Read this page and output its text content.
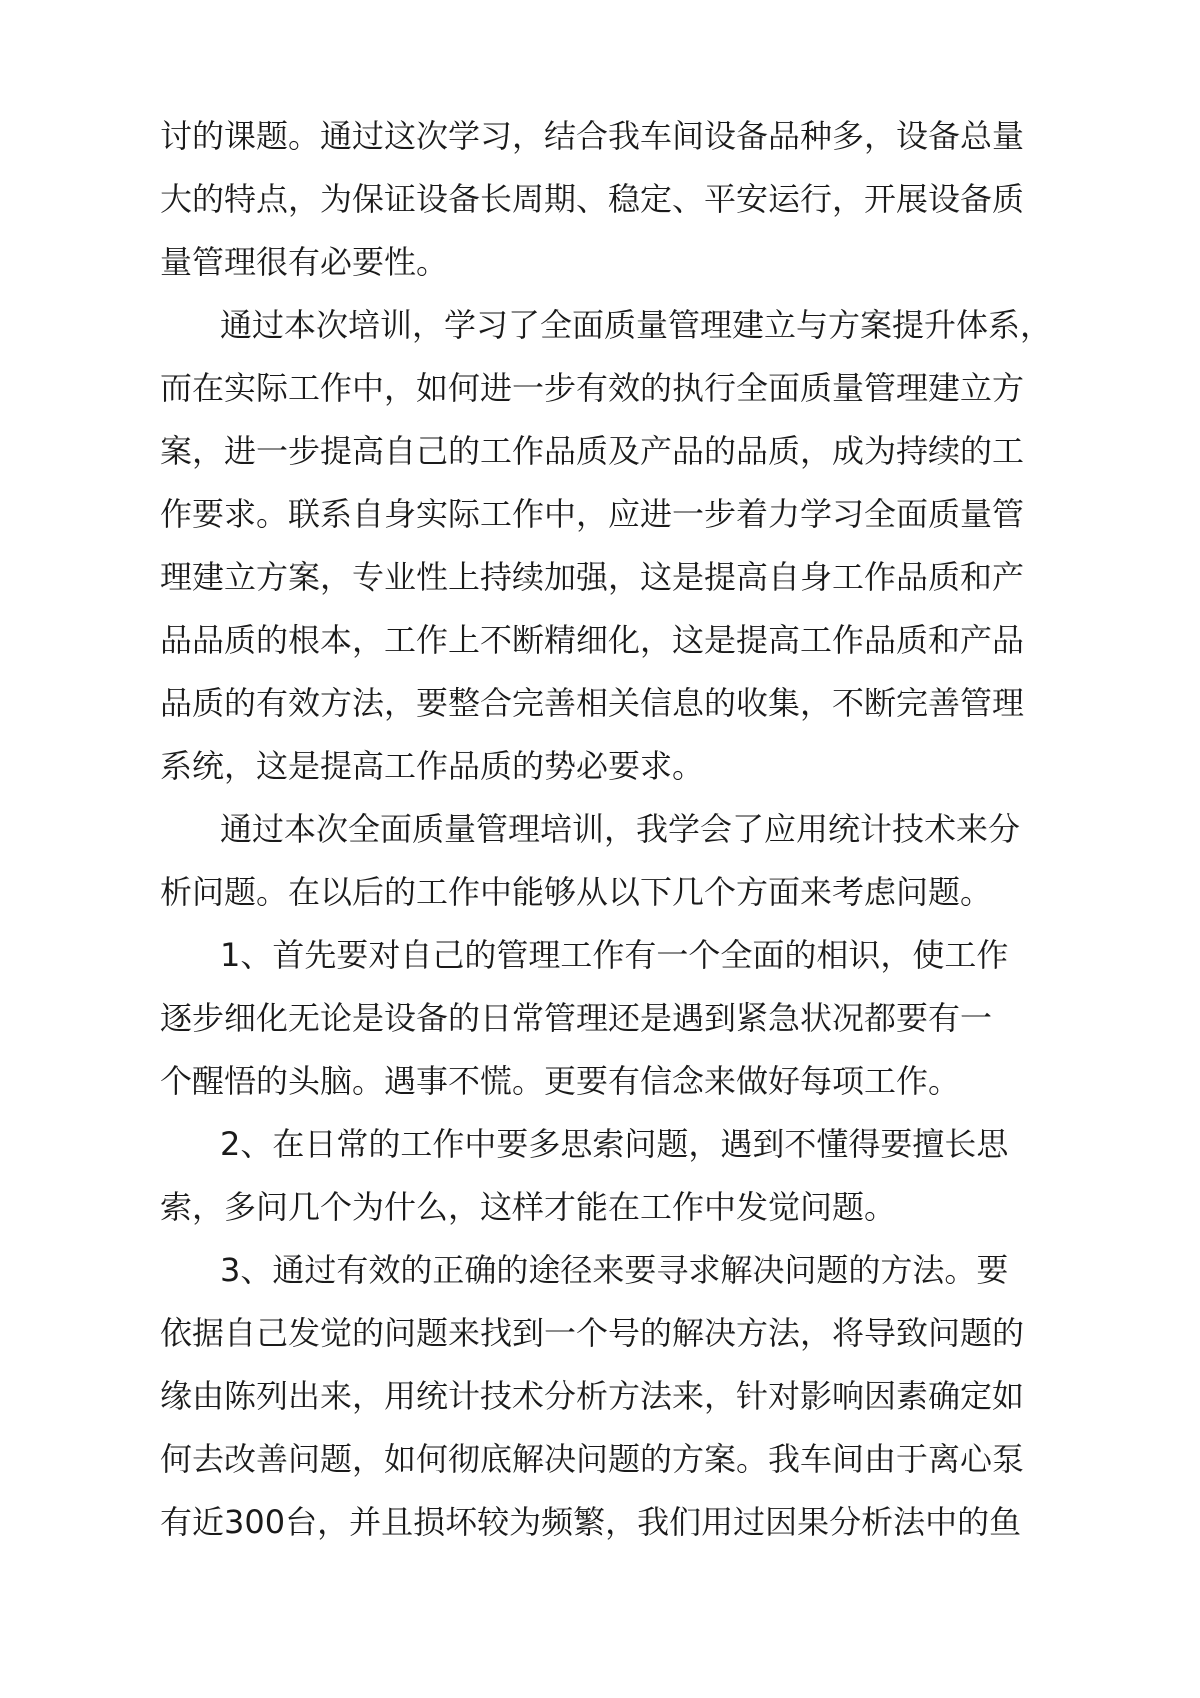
讨的课题。通过这次学习，结合我车间设备品种多，设备总量
大的特点，为保证设备长周期、稳定、平安运行，开展设备质
量管理很有必要性。
通过本次培训，学习了全面质量管理建立与方案提升体系，
而在实际工作中，如何进一步有效的执行全面质量管理建立方
案，进一步提高自己的工作品质及产品的品质，成为持续的工
作要求。联系自身实际工作中，应进一步着力学习全面质量管
理建立方案，专业性上持续加强，这是提高自身工作品质和产
品品质的根本，工作上不断精细化，这是提高工作品质和产品
品质的有效方法，要整合完善相关信息的收集，不断完善管理
系统，这是提高工作品质的势必要求。
通过本次全面质量管理培训，我学会了应用统计技术来分
析问题。在以后的工作中能够从以下几个方面来考虑问题。
1、首先要对自己的管理工作有一个全面的相识，使工作
逐步细化无论是设备的日常管理还是遇到紧急状况都要有一
个醒悟的头脑。遇事不慌。更要有信念来做好每项工作。
2、在日常的工作中要多思索问题，遇到不懂得要擅长思
索，多问几个为什么，这样才能在工作中发觉问题。
3、通过有效的正确的途径来要寻求解决问题的方法。要
依据自己发觉的问题来找到一个号的解决方法，将导致问题的
缘由陈列出来，用统计技术分析方法来，针对影响因素确定如
何去改善问题，如何彻底解决问题的方案。我车间由于离心泵
有近300台，并且损坏较为频繁，我们用过因果分析法中的鱼
